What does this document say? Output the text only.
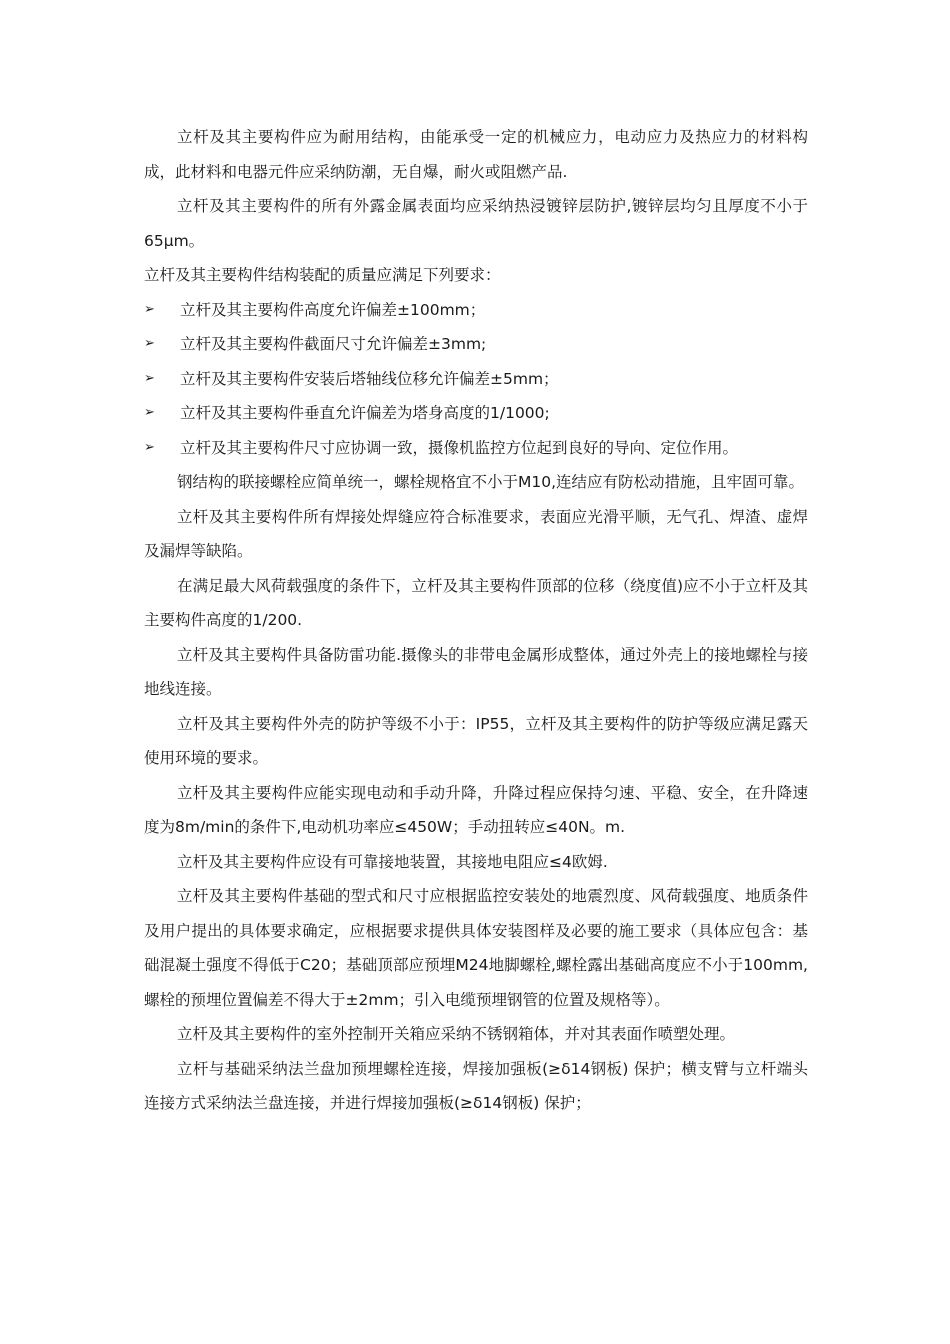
立杆及其主要构件应为耐用结构，由能承受一定的机械应力，电动应力及热应力的材料构成，此材料和电器元件应采纳防潮，无自爆，耐火或阻燃产品.

立杆及其主要构件的所有外露金属表面均应采纳热浸镀锌层防护,镀锌层均匀且厚度不小于65μm。

立杆及其主要构件结构装配的质量应满足下列要求：

➢ 立杆及其主要构件高度允许偏差±100mm；
➢ 立杆及其主要构件截面尺寸允许偏差±3mm;
➢ 立杆及其主要构件安装后塔轴线位移允许偏差±5mm；
➢ 立杆及其主要构件垂直允许偏差为塔身高度的1/1000;
➢ 立杆及其主要构件尺寸应协调一致，摄像机监控方位起到良好的导向、定位作用。

钢结构的联接螺栓应简单统一，螺栓规格宜不小于M10,连结应有防松动措施，且牢固可靠。

立杆及其主要构件所有焊接处焊缝应符合标准要求，表面应光滑平顺，无气孔、焊渣、虚焊及漏焊等缺陷。

在满足最大风荷载强度的条件下，立杆及其主要构件顶部的位移（绕度值)应不小于立杆及其主要构件高度的1/200.

立杆及其主要构件具备防雷功能.摄像头的非带电金属形成整体，通过外壳上的接地螺栓与接地线连接。

立杆及其主要构件外壳的防护等级不小于：IP55，立杆及其主要构件的防护等级应满足露天使用环境的要求。

立杆及其主要构件应能实现电动和手动升降，升降过程应保持匀速、平稳、安全，在升降速度为8m/min的条件下,电动机功率应≤450W；手动扭转应≤40N。m.

立杆及其主要构件应设有可靠接地装置，其接地电阻应≤4欧姆.

立杆及其主要构件基础的型式和尺寸应根据监控安装处的地震烈度、风荷载强度、地质条件及用户提出的具体要求确定，应根据要求提供具体安装图样及必要的施工要求（具体应包含：基础混凝土强度不得低于C20；基础顶部应预埋M24地脚螺栓,螺栓露出基础高度应不小于100mm,螺栓的预埋位置偏差不得大于±2mm；引入电缆预埋钢管的位置及规格等）。

立杆及其主要构件的室外控制开关箱应采纳不锈钢箱体，并对其表面作喷塑处理。

立杆与基础采纳法兰盘加预埋螺栓连接，焊接加强板(≥δ14钢板) 保护；横支臂与立杆端头连接方式采纳法兰盘连接，并进行焊接加强板(≥δ14钢板) 保护；
